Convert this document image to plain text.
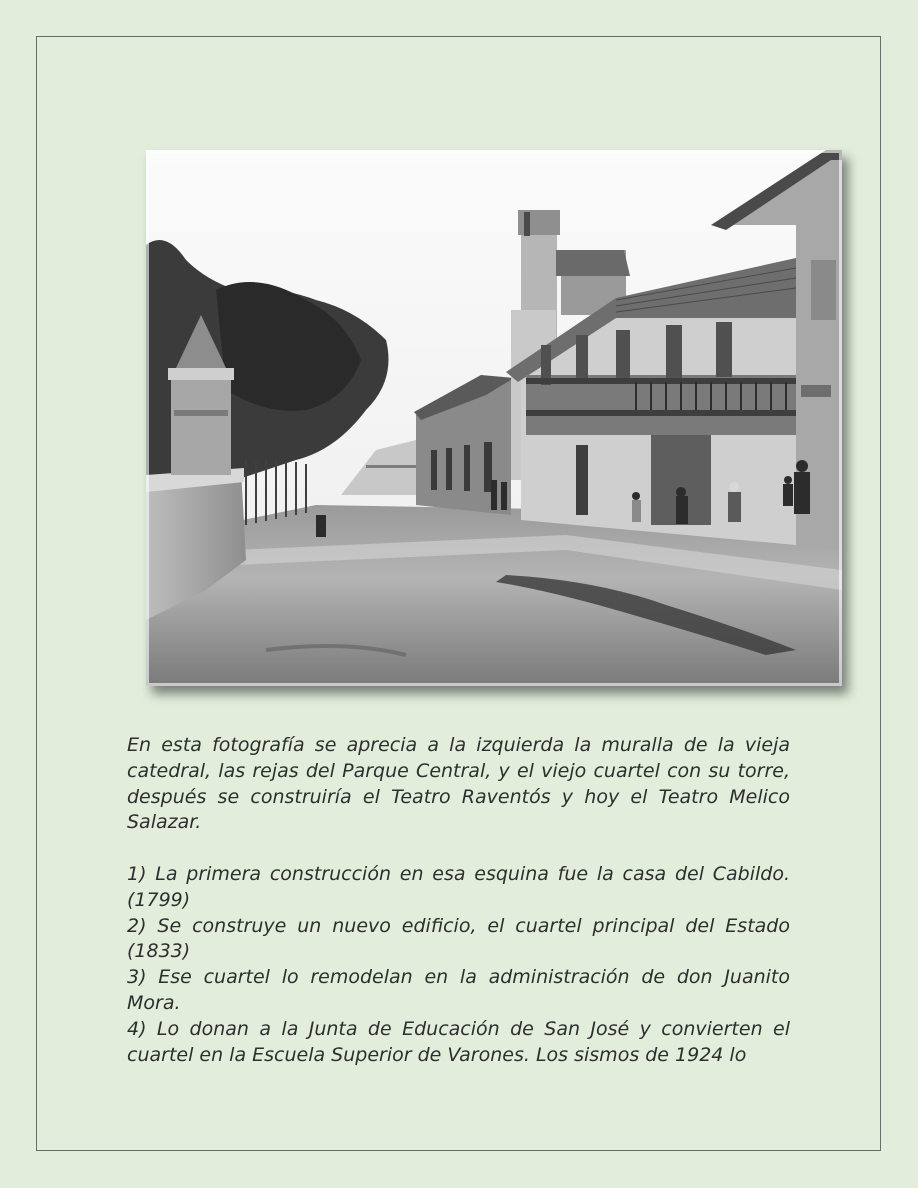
En esta fotografía se aprecia a la izquierda la muralla de la vieja catedral, las rejas del Parque Central, y el viejo cuartel con su torre, después se construiría el Teatro Raventós y hoy el Teatro Melico Salazar.

1) La primera construcción en esa esquina fue la casa del Cabildo. (1799)

2) Se construye un nuevo edificio, el cuartel principal del Estado (1833)

3) Ese cuartel lo remodelan en la administración de don Juanito Mora.

4) Lo donan a la Junta de Educación de San José y convierten el cuartel en la Escuela Superior de Varones. Los sismos de 1924 lo
